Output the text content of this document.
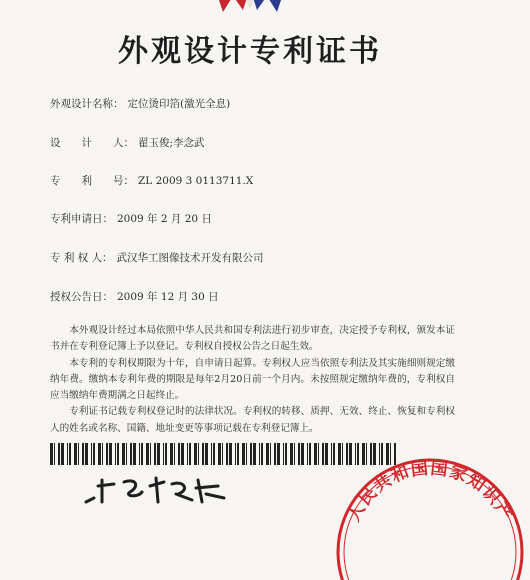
外观设计专利证书
外观设计名称： 定位烫印箔(激光全息)
设　　计　　人： 翟玉俊;李念武
专　　利　　号： ZL 2009 3 0113711.X
专利申请日： 2009 年 2 月 20 日
专 利 权 人： 武汉华工图像技术开发有限公司
授权公告日： 2009 年 12 月 30 日

本外观设计经过本局依照中华人民共和国专利法进行初步审查，决定授予专利权，颁发本证书并在专利登记簿上予以登记。专利权自授权公告之日起生效。

本专利的专利权期限为十年，自申请日起算。专利权人应当依照专利法及其实施细则规定缴纳年费。缴纳本专利年费的期限是每年2月20日前一个月内。未按照规定缴纳年费的，专利权自应当缴纳年费期满之日起终止。

专利证书记载专利权登记时的法律状况。专利权的转移、质押、无效、终止、恢复和专利权人的姓名或名称、国籍、地址变更等事项记载在专利登记簿上。

人民共和国国家知识产
